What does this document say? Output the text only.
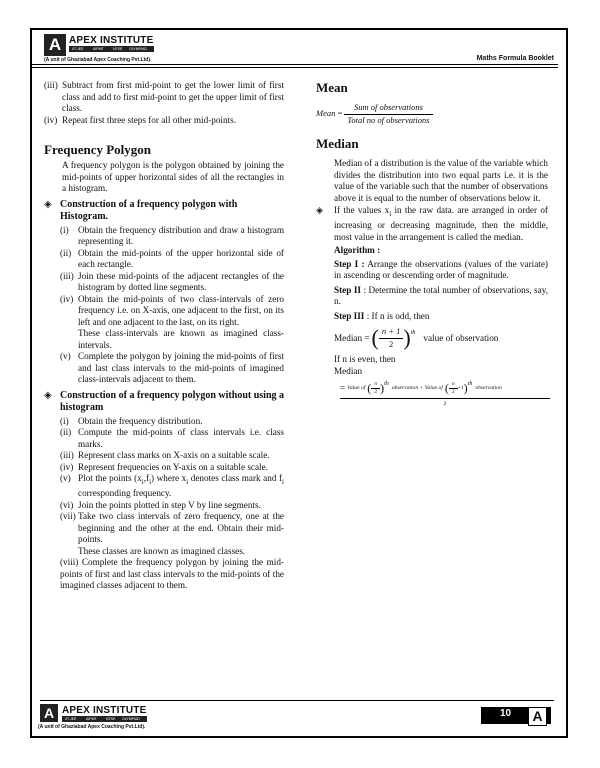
A APEX INSTITUTE
IIT-JEE	AIPMT	NTSE OLYMPIAD
(A unit of Ghaziabad Apex Coaching Pvt.Ltd).	Maths Formula Booklet
(iii) Subtract from first mid-point to get the lower limit of first class and add to first mid-point to get the upper limit of first class.
(iv) Repeat first three steps for all other mid-points.

Frequency Polygon

A frequency polygon is the polygon obtained by joining the mid-points of upper horizontal sides of all the rectangles in a histogram.

◈ Construction of a frequency polygon with Histogram.
(i)	Obtain the frequency distribution and draw a histogram representing it.
(ii) Obtain the mid-points of the upper horizontal side of each rectangle.
(iii) Join these mid-points of the adjacent rectangles of the histogram by dotted line segments.
(iv) Obtain the mid-points of two class-intervals of zero frequency i.e. on X-axis, one adjacent to the first, on its left and one adjacent to the last, on its right.
These class-intervals are known as imagined class-intervals.
(v) Complete the polygon by joining the mid-points of first and last class intervals to the mid-points of imagined class-intervals adjacent to them.
◈ Construction of a frequency polygon without using a histogram
(i)	Obtain the frequency distribution.
(ii) Compute the mid-points of class intervals i.e. class marks.
(iii) Represent class marks on X-axis on a suitable scale.
(iv) Represent frequencies on Y-axis on a suitable scale.
(v) Plot the points $(x_i,f_i)$ where $x_i$ denotes class mark and $f_i$ corresponding frequency.
(vi) Join the points plotted in step V by line segments.
(vii) Take two class intervals of zero frequency, one at the beginning and the other at the end. Obtain their mid-points.
These classes are known as imagined classes.

(viii) Complete the frequency polygon by joining the mid-points of first and last class intervals to the mid-points of the imagined classes adjacent to them.

Mean

Mean = $\frac{\text{Sum of observations}}{\text{Total no of observations}}$

Median

Median of a distribution is the value of the variable which divides the distribution into two equal parts i.e. it is the value of the variable such that the number of observations above it is equal to the number of observations below it.

◈	If the values $x_i$ in the raw data. are arranged in order of increasing or decreasing magnitude, then the middle, most value in the arrangement is called the median.

Algorithm :

Step I : Arrange the observations (values of the variate) in ascending or descending order of magnitude.

Step II : Determine the total number of observations, say, n.

Step III : If n is odd, then

Median = ( $\frac{n + 1}{2}$ ) $^{th}$ value of observation

If n is even, then

Median

= Value of ( $\frac{n}{2}$ ) th
observation + Value of ( $\frac{n}{2} +1$ ) th
observation
2
A APEX INSTITUTE
IIT-JEE	AIPMT	NTSE OLYMPIAD
(A unit of Ghaziabad Apex Coaching Pvt.Ltd).
10	A
